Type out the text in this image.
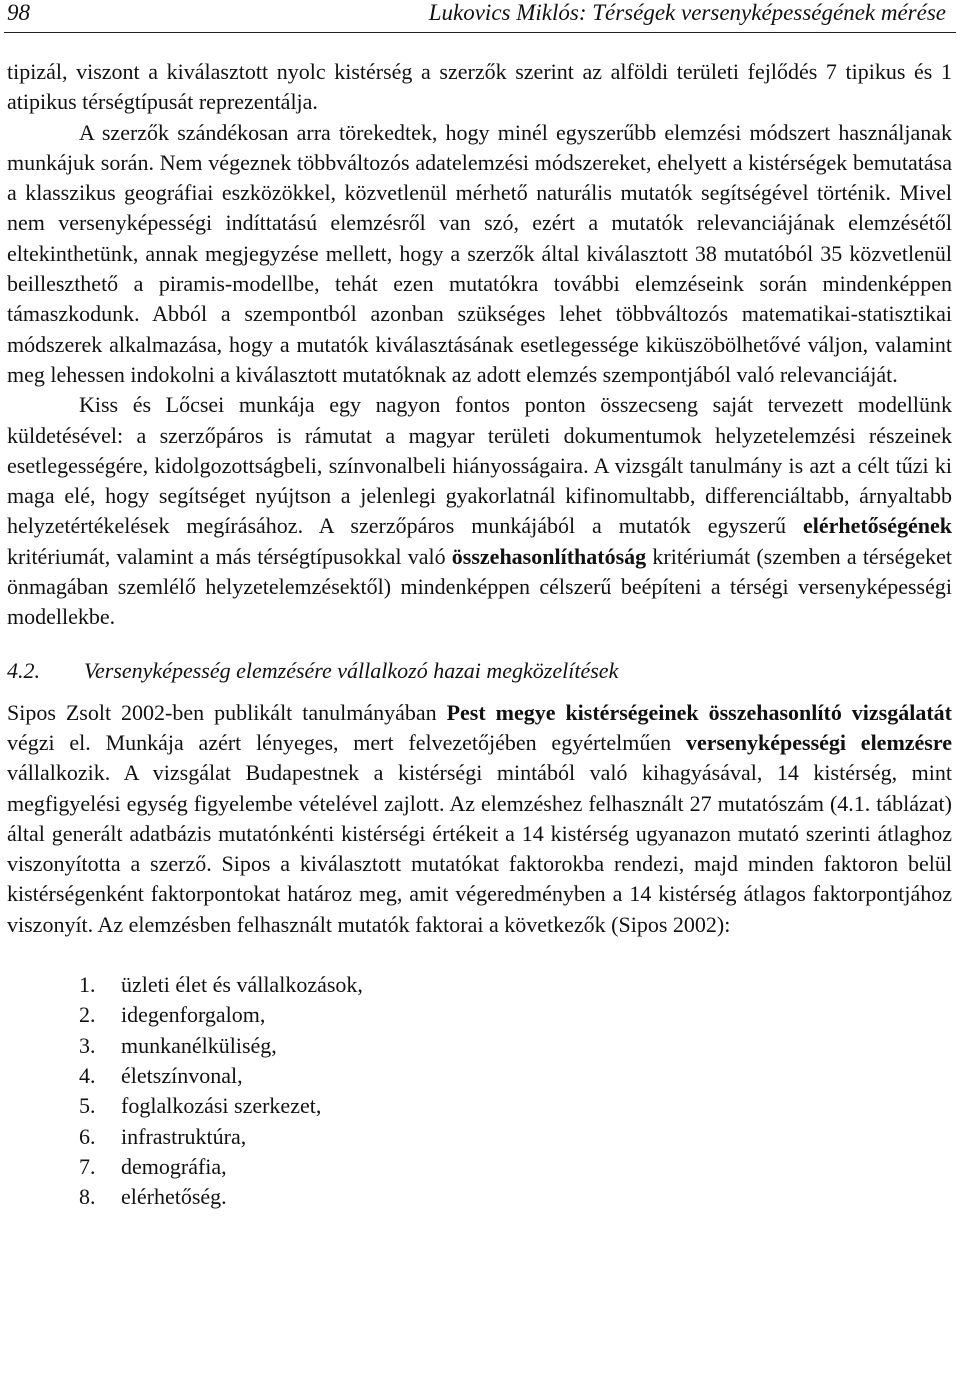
98	Lukovics Miklós: Térségek versenyképességének mérése

tipizál, viszont a kiválasztott nyolc kistérség a szerzők szerint az alföldi területi fejlődés 7 tipikus és 1 atipikus térségtípusát reprezentálja.

A szerzők szándékosan arra törekedtek, hogy minél egyszerűbb elemzési módszert használjanak munkájuk során. Nem végeznek többváltozós adatelemzési módszereket, ehelyett a kistérségek bemutatása a klasszikus geográfiai eszközökkel, közvetlenül mérhető naturális mutatók segítségével történik. Mivel nem versenyképességi indíttatású elemzésről van szó, ezért a mutatók relevanciájának elemzésétől eltekinthetünk, annak megjegyzése mellett, hogy a szerzők által kiválasztott 38 mutatóból 35 közvetlenül beilleszthető a piramis-modellbe, tehát ezen mutatókra további elemzéseink során mindenképpen támaszkodunk. Abból a szempontból azonban szükséges lehet többváltozós matematikai-statisztikai módszerek alkalmazása, hogy a mutatók kiválasztásának esetlegessége kiküszöbölhetővé váljon, valamint meg lehessen indokolni a kiválasztott mutatóknak az adott elemzés szempontjából való relevanciáját.

Kiss és Lőcsei munkája egy nagyon fontos ponton összecseng saját tervezett modellünk küldetésével: a szerzőpáros is rámutat a magyar területi dokumentumok helyzetelemzési részeinek esetlegességére, kidolgozottságbeli, színvonalbeli hiányosságaira. A vizsgált tanulmány is azt a célt tűzi ki maga elé, hogy segítséget nyújtson a jelenlegi gyakorlatnál kifinomultabb, differenciáltabb, árnyaltabb helyzetértékelések megírásához. A szerzőpáros munkájából a mutatók egyszerű elérhetőségének kritériumát, valamint a más térségtípusokkal való összehasonlíthatóság kritériumát (szemben a térségeket önmagában szemlélő helyzetelemzésektől) mindenképpen célszerű beépíteni a térségi versenyképességi modellekbe.

4.2. Versenyképesség elemzésére vállalkozó hazai megközelítések

Sipos Zsolt 2002-ben publikált tanulmányában Pest megye kistérségeinek összehasonlító vizsgálatát végzi el. Munkája azért lényeges, mert felvezetőjében egyértelműen versenyképességi elemzésre vállalkozik. A vizsgálat Budapestnek a kistérségi mintából való kihagyásával, 14 kistérség, mint megfigyelési egység figyelembe vételével zajlott. Az elemzéshez felhasznált 27 mutatószám (4.1. táblázat) által generált adatbázis mutatónkénti kistérségi értékeit a 14 kistérség ugyanazon mutató szerinti átlaghoz viszonyította a szerző. Sipos a kiválasztott mutatókat faktorokba rendezi, majd minden faktoron belül kistérségenként faktorpontokat határoz meg, amit végeredményben a 14 kistérség átlagos faktorpontjához viszonyít. Az elemzésben felhasznált mutatók faktorai a következők (Sipos 2002):

1.	üzleti élet és vállalkozások,
2.	idegenforgalom,
3.	munkanélküliség,
4.	életszínvonal,
5.	foglalkozási szerkezet,
6.	infrastruktúra,
7.	demográfia,
8.	elérhetőség.
